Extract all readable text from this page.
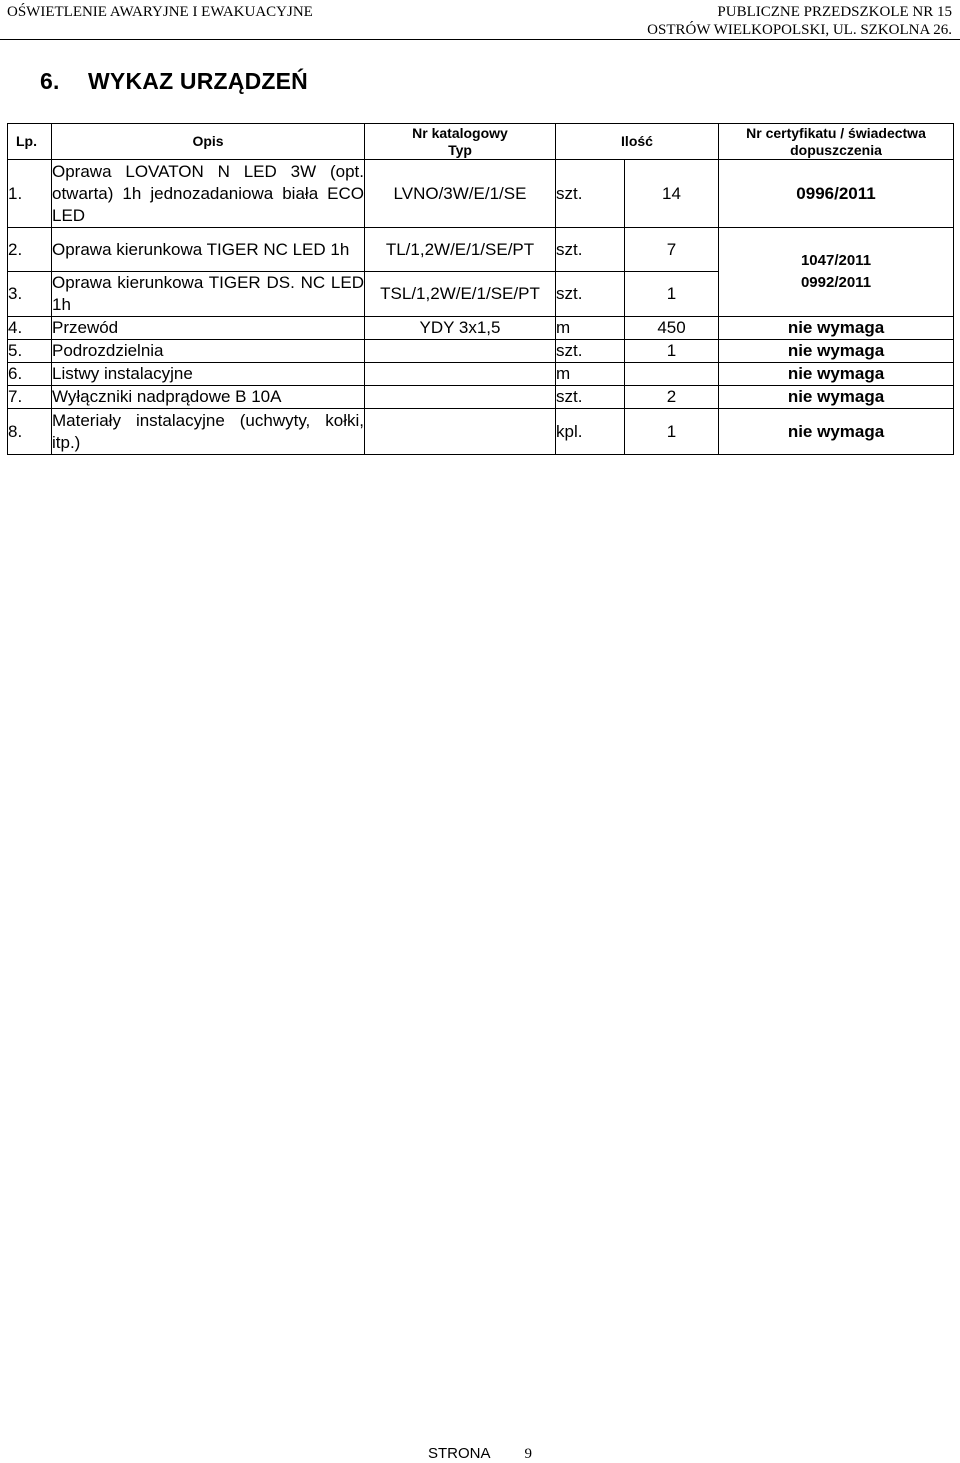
OŚWIETLENIE AWARYJNE I EWAKUACYJNE	PUBLICZNE PRZEDSZKOLE NR 15
OSTRÓW WIELKOPOLSKI, UL. SZKOLNA 26.
6. WYKAZ URZĄDZEŃ
Lp.	Opis	Nr katalogowy
Typ	Ilość		Nr certyfikatu / świadectwa
dopuszczenia
1.	Oprawa LOVATON N LED 3W (opt. otwarta) 1h jednozadaniowa biała ECO LED	LVNO/3W/E/1/SE	szt.	14	0996/2011
2.	Oprawa kierunkowa TIGER NC LED 1h	TL/1,2W/E/1/SE/PT	szt.	7	1047/2011
0992/2011

3.	Oprawa kierunkowa TIGER DS. NC LED 1h	TSL/1,2W/E/1/SE/PT	szt.	1	
4.	Przewód	YDY 3x1,5	m	450	nie wymaga
5.	Podrozdzielnia		szt.	1	nie wymaga
6.	Listwy instalacyjne		m		nie wymaga
7.	Wyłączniki nadprądowe B 10A		szt.	2	nie wymaga
8.	Materiały instalacyjne (uchwyty, kołki, itp.)		kpl.	1	nie wymaga
STRONA 9
